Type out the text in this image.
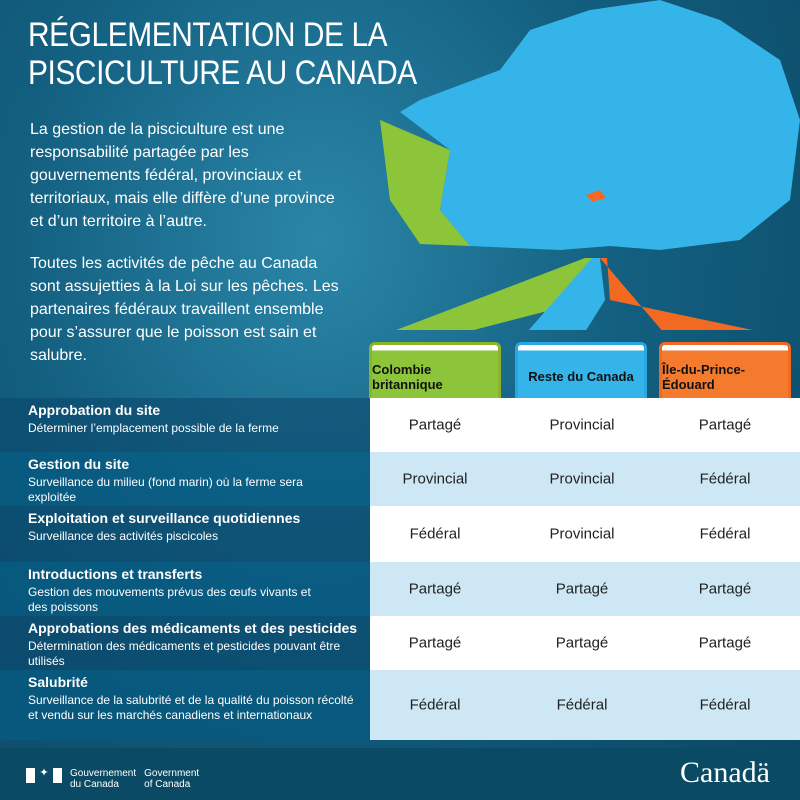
RÉGLEMENTATION DE LA
PISCICULTURE AU CANADA

La gestion de la pisciculture est une responsabilité partagée par les gouvernements fédéral, provinciaux et territoriaux, mais elle diffère d’une province et d’un territoire à l’autre.

Toutes les activités de pêche au Canada sont assujetties à la Loi sur les pêches. Les partenaires fédéraux travaillent ensemble pour s’assurer que le poisson est sain et salubre.

Colombie britannique	Reste du Canada	Île-du-Prince-Édouard
Approbation du site
Déterminer l’emplacement possible de la ferme	Partagé	Provincial	Partagé
Gestion du site
Surveillance du milieu (fond marin) où la ferme sera exploitée
Provincial	Provincial	Fédéral
Exploitation et surveillance quotidiennes
Surveillance des activités piscicoles	Fédéral	Provincial	Fédéral
Introductions et transferts
Gestion des mouvements prévus des œufs vivants et des poissons
Partagé	Partagé	Partagé
Approbations des médicaments et des pesticides
Détermination des médicaments et pesticides pouvant être utilisés
Partagé	Partagé	Partagé
Salubrité
Surveillance de la salubrité et de la qualité du poisson récolté et vendu sur les marchés canadiens et internationaux
Fédéral	Fédéral	Fédéral
✦	Gouvernement
du Canada
Government
of Canada	Canadä
